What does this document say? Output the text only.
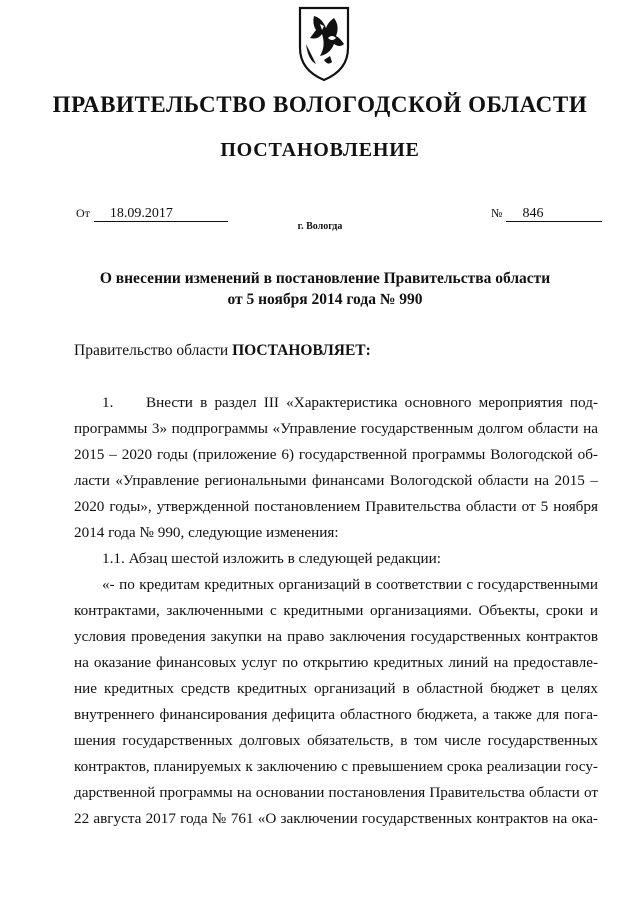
ПРАВИТЕЛЬСТВО ВОЛОГОДСКОЙ ОБЛАСТИ
ПОСТАНОВЛЕНИЕ
От 18.09.2017	№ 846
г. Вологда
О внесении изменений в постановление Правительства области
от 5 ноября 2014 года № 990
Правительство области ПОСТАНОВЛЯЕТ:
1. Внести в раздел III «Характеристика основного мероприятия под-
программы 3» подпрограммы «Управление государственным долгом области на
2015 – 2020 годы (приложение 6) государственной программы Вологодской об-
ласти «Управление региональными финансами Вологодской области на 2015 –
2020 годы», утвержденной постановлением Правительства области от 5 ноября
2014 года № 990, следующие изменения:
1.1. Абзац шестой изложить в следующей редакции:
«- по кредитам кредитных организаций в соответствии с государственными
контрактами, заключенными с кредитными организациями. Объекты, сроки и
условия проведения закупки на право заключения государственных контрактов
на оказание финансовых услуг по открытию кредитных линий на предоставле-
ние кредитных средств кредитных организаций в областной бюджет в целях
внутреннего финансирования дефицита областного бюджета, а также для пога-
шения государственных долговых обязательств, в том числе государственных
контрактов, планируемых к заключению с превышением срока реализации госу-
дарственной программы на основании постановления Правительства области от
22 августа 2017 года № 761 «О заключении государственных контрактов на ока-
